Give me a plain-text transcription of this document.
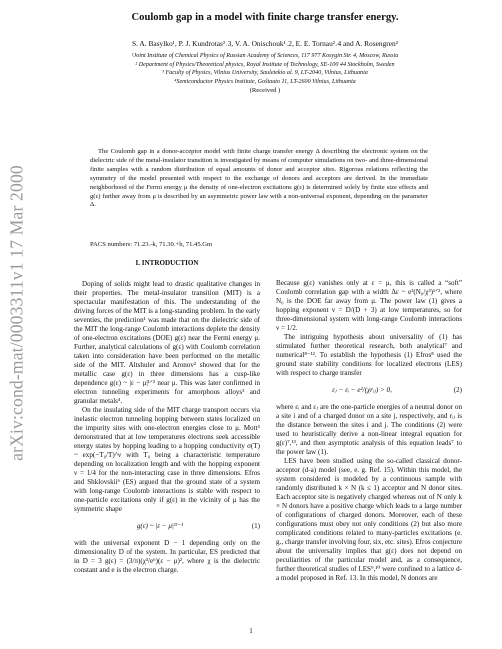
arXiv:cond-mat/0003311v1 17 Mar 2000
Coulomb gap in a model with finite charge transfer energy.
S. A. Basylko¹, P. J. Kundrotas²˒3, V. A. Onischouk¹˒2, E. E. Tornau²˒4 and A. Rosengren²
¹Joint Institute of Chemical Physics of Russian Academy of Sciences, 117 977 Kosygin Str. 4, Moscow, Russia
² Department of Physics/Theoretical physics, Royal Institute of Technology, SE-100 44 Stockholm, Sweden
³ Faculty of Physics, Vilnius University, Sauletekio al. 9, LT-2040, Vilnius, Lithuania
⁴Semiconductor Physics Institute, Goštauto 11, LT-2600 Vilnius, Lithuania
(Received )
The Coulomb gap in a donor-acceptor model with finite charge transfer energy Δ describing the electronic system on the dielectric side of the metal-insulator transition is investigated by means of computer simulations on two- and three-dimensional finite samples with a random distribution of equal amounts of donor and acceptor sites. Rigorous relations reflecting the symmetry of the model presented with respect to the exchange of donors and acceptors are derived. In the immediate neighborhood of the Fermi energy μ the density of one-electron excitations g(ε) is determined solely by finite size effects and g(ε) further away from μ is described by an asymmetric power law with a non-universal exponent, depending on the parameter Δ.
PACS numbers: 71.23.-k, 71.30.+h, 71.45.Gm
I. INTRODUCTION

Doping of solids might lead to drastic qualitative changes in their properties. The metal-insulator transition (MIT) is a spectacular manifestation of this. The understanding of the driving forces of the MIT is a long-standing problem. In the early seventies, the prediction¹ was made that on the dielectric side of the MIT the long-range Coulomb interactions deplete the density of one-electron excitations (DOE) g(ε) near the Fermi energy μ. Further, analytical calculations of g(ε) with Coulomb correlation taken into consideration have been performed on the metallic side of the MIT. Altshuler and Aronov² showed that for the metallic case g(ε) in three dimensions has a cusp-like dependence g(ε) ~ |ε − μ|¹ᐟ² near μ. This was later confirmed in electron tunneling experiments for amorphous alloys³ and granular metals⁴.

On the insulating side of the MIT charge transport occurs via inelastic electron tunneling hopping between states localized on the impurity sites with one-electron energies close to μ. Mott⁵ demonstrated that at low temperatures electrons seek accessible energy states by hopping leading to a hopping conductivity σ(T) ~ exp(−T₀/T)^ν with T₀ being a characteristic temperature depending on localization length and with the hopping exponent ν = 1/4 for the non-interacting case in three dimensions. Efros and Shklovskii⁶ (ES) argued that the ground state of a system with long-range Coulomb interactions is stable with respect to one-particle excitations only if g(ε) in the vicinity of μ has the symmetric shape

g(ε) ~ |ε − μ|ᴰ⁻¹	(1)

with the universal exponent D − 1 depending only on the dimensionality D of the system. In particular, ES predicted that in D = 3 g(ε) = (3/π)(χ³/e⁶)(ε − μ)², where χ is the dielectric constant and e is the electron charge.

Because g(ε) vanishes only at ε = μ, this is called a “soft” Coulomb correlation gap with a width Δε ~ e³(N₀/χ³)¹ᐟ², where N₀ is the DOE far away from μ. The power law (1) gives a hopping exponent ν = D/(D + 3) at low temperatures, so for three-dimensional system with long-range Coulomb interactions ν = 1/2.

The intriguing hypothesis about universality of (1) has stimulated further theoretical research, both analytical⁷ and numerical⁸⁻¹². To establish the hypothesis (1) Efros⁸ used the ground state stability conditions for localized electrons (LES) with respect to charge transfer

εⱼ − εᵢ − e²/(χrᵢⱼ) > 0,	(2)

where εᵢ and εⱼ are the one-particle energies of a neutral donor on a site i and of a charged donor on a site j, respectively, and rᵢⱼ is the distance between the sites i and j. The conditions (2) were used to heuristically derive a non-linear integral equation for g(ε)⁷,¹³, and then asymptotic analysis of this equation leads⁷ to the power law (1).

LES have been studied using the so-called classical donor-acceptor (d-a) model (see, e. g. Ref. 15). Within this model, the system considered is modeled by a continuous sample with randomly distributed k × N (k ≤ 1) acceptor and N donor sites. Each acceptor site is negatively charged whereas out of N only k × N donors have a positive charge which leads to a large number of configurations of charged donors. Moreover, each of these configurations must obey not only conditions (2) but also more complicated conditions related to many-particles excitations (e. g., charge transfer involving four, six, etc. sites). Efros conjecture about the universality implies that g(ε) does not depend on peculiarities of the particular model and, as a consequence, further theoretical studies of LES⁹,¹⁰ were confined to a lattice d-a model proposed in Ref. 13. In this model, N donors are

1
